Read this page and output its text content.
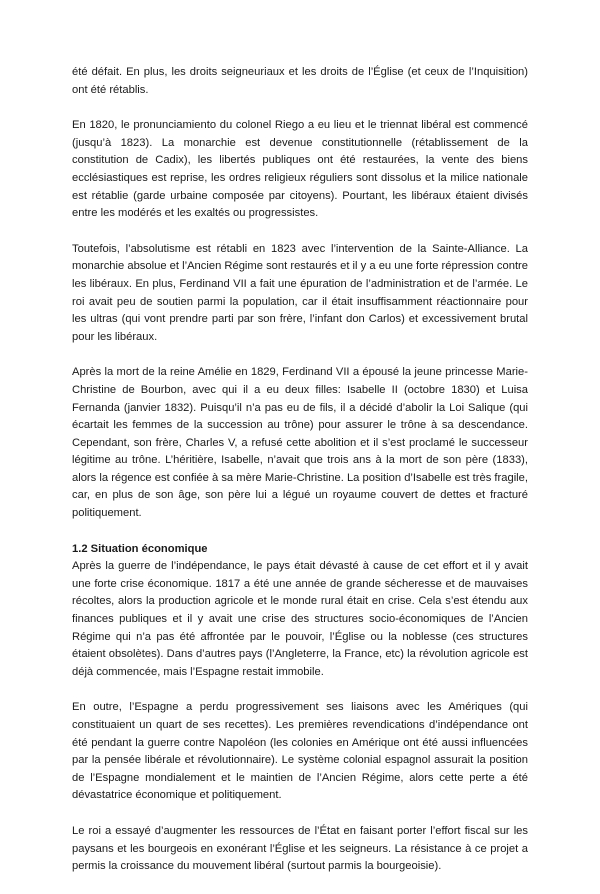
été défait. En plus, les droits seigneuriaux et les droits de l’Église (et ceux de l’Inquisition) ont été rétablis.

En 1820, le pronunciamiento du colonel Riego a eu lieu et le triennat libéral est commencé (jusqu’à 1823). La monarchie est devenue constitutionnelle (rétablissement de la constitution de Cadix), les libertés publiques ont été restaurées, la vente des biens ecclésiastiques est reprise, les ordres religieux réguliers sont dissolus et la milice nationale est rétablie (garde urbaine composée par citoyens). Pourtant, les libéraux étaient divisés entre les modérés et les exaltés ou progressistes.

Toutefois, l’absolutisme est rétabli en 1823 avec l’intervention de la Sainte-Alliance. La monarchie absolue et l’Ancien Régime sont restaurés et il y a eu une forte répression contre les libéraux. En plus, Ferdinand VII a fait une épuration de l’administration et de l’armée. Le roi avait peu de soutien parmi la population, car il était insuffisamment réactionnaire pour les ultras (qui vont prendre parti par son frère, l’infant don Carlos) et excessivement brutal pour les libéraux.

Après la mort de la reine Amélie en 1829, Ferdinand VII a épousé la jeune princesse Marie-Christine de Bourbon, avec qui il a eu deux filles: Isabelle II (octobre 1830) et Luisa Fernanda (janvier 1832). Puisqu’il n’a pas eu de fils, il a décidé d’abolir la Loi Salique (qui écartait les femmes de la succession au trône) pour assurer le trône à sa descendance. Cependant, son frère, Charles V, a refusé cette abolition et il s’est proclamé le successeur légitime au trône. L’héritière, Isabelle, n’avait que trois ans à la mort de son père (1833), alors la régence est confiée à sa mère Marie-Christine. La position d’Isabelle est très fragile, car, en plus de son âge, son père lui a légué un royaume couvert de dettes et fracturé politiquement.

1.2 Situation économique

Après la guerre de l’indépendance, le pays était dévasté à cause de cet effort et il y avait une forte crise économique. 1817 a été une année de grande sécheresse et de mauvaises récoltes, alors la production agricole et le monde rural était en crise. Cela s’est étendu aux finances publiques et il y avait une crise des structures socio-économiques de l’Ancien Régime qui n’a pas été affrontée par le pouvoir, l’Église ou la noblesse (ces structures étaient obsolètes). Dans d’autres pays (l’Angleterre, la France, etc) la révolution agricole est déjà commencée, mais l’Espagne restait immobile.

En outre, l’Espagne a perdu progressivement ses liaisons avec les Amériques (qui constituaient un quart de ses recettes). Les premières revendications d’indépendance ont été pendant la guerre contre Napoléon (les colonies en Amérique ont été aussi influencées par la pensée libérale et révolutionnaire). Le système colonial espagnol assurait la position de l’Espagne mondialement et le maintien de l’Ancien Régime, alors cette perte a été dévastatrice économique et politiquement.

Le roi a essayé d’augmenter les ressources de l’État en faisant porter l’effort fiscal sur les paysans et les bourgeois en exonérant l’Église et les seigneurs. La résistance à ce projet a permis la croissance du mouvement libéral (surtout parmis la bourgeoisie).
